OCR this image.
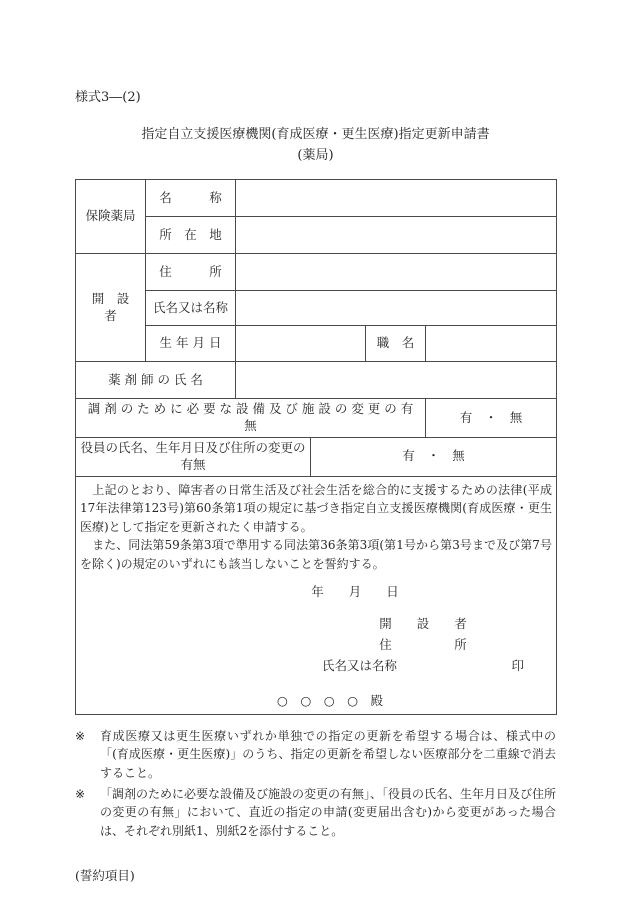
様式3―(2)
指定自立支援医療機関(育成医療・更生医療)指定更新申請書
(薬局)
保険薬局	名　　　称				
	所　在　地				
開　設　者	住　　　所				
	氏名又は名称				
	生 年 月 日			職　名	
薬 剤 師 の 氏 名					
調 剤 の た め に 必 要 な 設 備 及 び 施 設 の 変 更 の 有 無					有　・　無
役員の氏名、生年月日及び住所の変更の有無			有　・　無		

　上記のとおり、障害者の日常生活及び社会生活を総合的に支援するための法律(平成17年法律第123号)第60条第1項の規定に基づき指定自立支援医療機関(育成医療・更生医療)として指定を更新されたく申請する。
　また、同法第59条第3項で準用する同法第36条第3項(第1号から第3号まで及び第7号を除く)の規定のいずれにも該当しないことを誓約する。
年　　月　　日
開　　設　　者
住　　　　　所
氏名又は名称	印
○　○　○　○　殿
※	育成医療又は更生医療いずれか単独での指定の更新を希望する場合は、様式中の「(育成医療・更生医療)」のうち、指定の更新を希望しない医療部分を二重線で消去すること。
※	「調剤のために必要な設備及び施設の変更の有無」、「役員の氏名、生年月日及び住所の変更の有無」において、直近の指定の申請(変更届出含む)から変更があった場合は、それぞれ別紙1、別紙2を添付すること。
(誓約項目)
